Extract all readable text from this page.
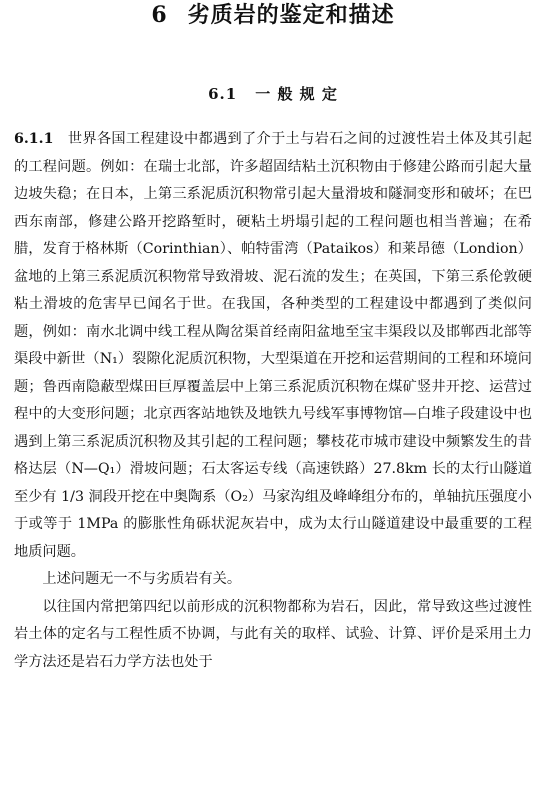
6 劣质岩的鉴定和描述
6.1 一 般 规 定

6.1.1 世界各国工程建设中都遇到了介于土与岩石之间的过渡性岩土体及其引起的工程问题。例如：在瑞士北部，许多超固结粘土沉积物由于修建公路而引起大量边坡失稳；在日本，上第三系泥质沉积物常引起大量滑坡和隧洞变形和破坏；在巴西东南部，修建公路开挖路堑时，硬粘土坍塌引起的工程问题也相当普遍；在希腊，发育于格林斯（Corinthian）、帕特雷湾（Pataikos）和莱昂德（Londion）盆地的上第三系泥质沉积物常导致滑坡、泥石流的发生；在英国，下第三系伦敦硬粘土滑坡的危害早已闻名于世。在我国，各种类型的工程建设中都遇到了类似问题，例如：南水北调中线工程从陶岔渠首经南阳盆地至宝丰渠段以及邯郸西北部等渠段中新世（N₁）裂隙化泥质沉积物，大型渠道在开挖和运营期间的工程和环境问题；鲁西南隐蔽型煤田巨厚覆盖层中上第三系泥质沉积物在煤矿竖井开挖、运营过程中的大变形问题；北京西客站地铁及地铁九号线军事博物馆—白堆子段建设中也遇到上第三系泥质沉积物及其引起的工程问题；攀枝花市城市建设中频繁发生的昔格达层（N—Q₁）滑坡问题；石太客运专线（高速铁路）27.8km 长的太行山隧道至少有 1/3 洞段开挖在中奥陶系（O₂）马家沟组及峰峰组分布的，单轴抗压强度小于或等于 1MPa 的膨胀性角砾状泥灰岩中，成为太行山隧道建设中最重要的工程地质问题。

上述问题无一不与劣质岩有关。

以往国内常把第四纪以前形成的沉积物都称为岩石，因此，常导致这些过渡性岩土体的定名与工程性质不协调，与此有关的取样、试验、计算、评价是采用土力学方法还是岩石力学方法也处于
